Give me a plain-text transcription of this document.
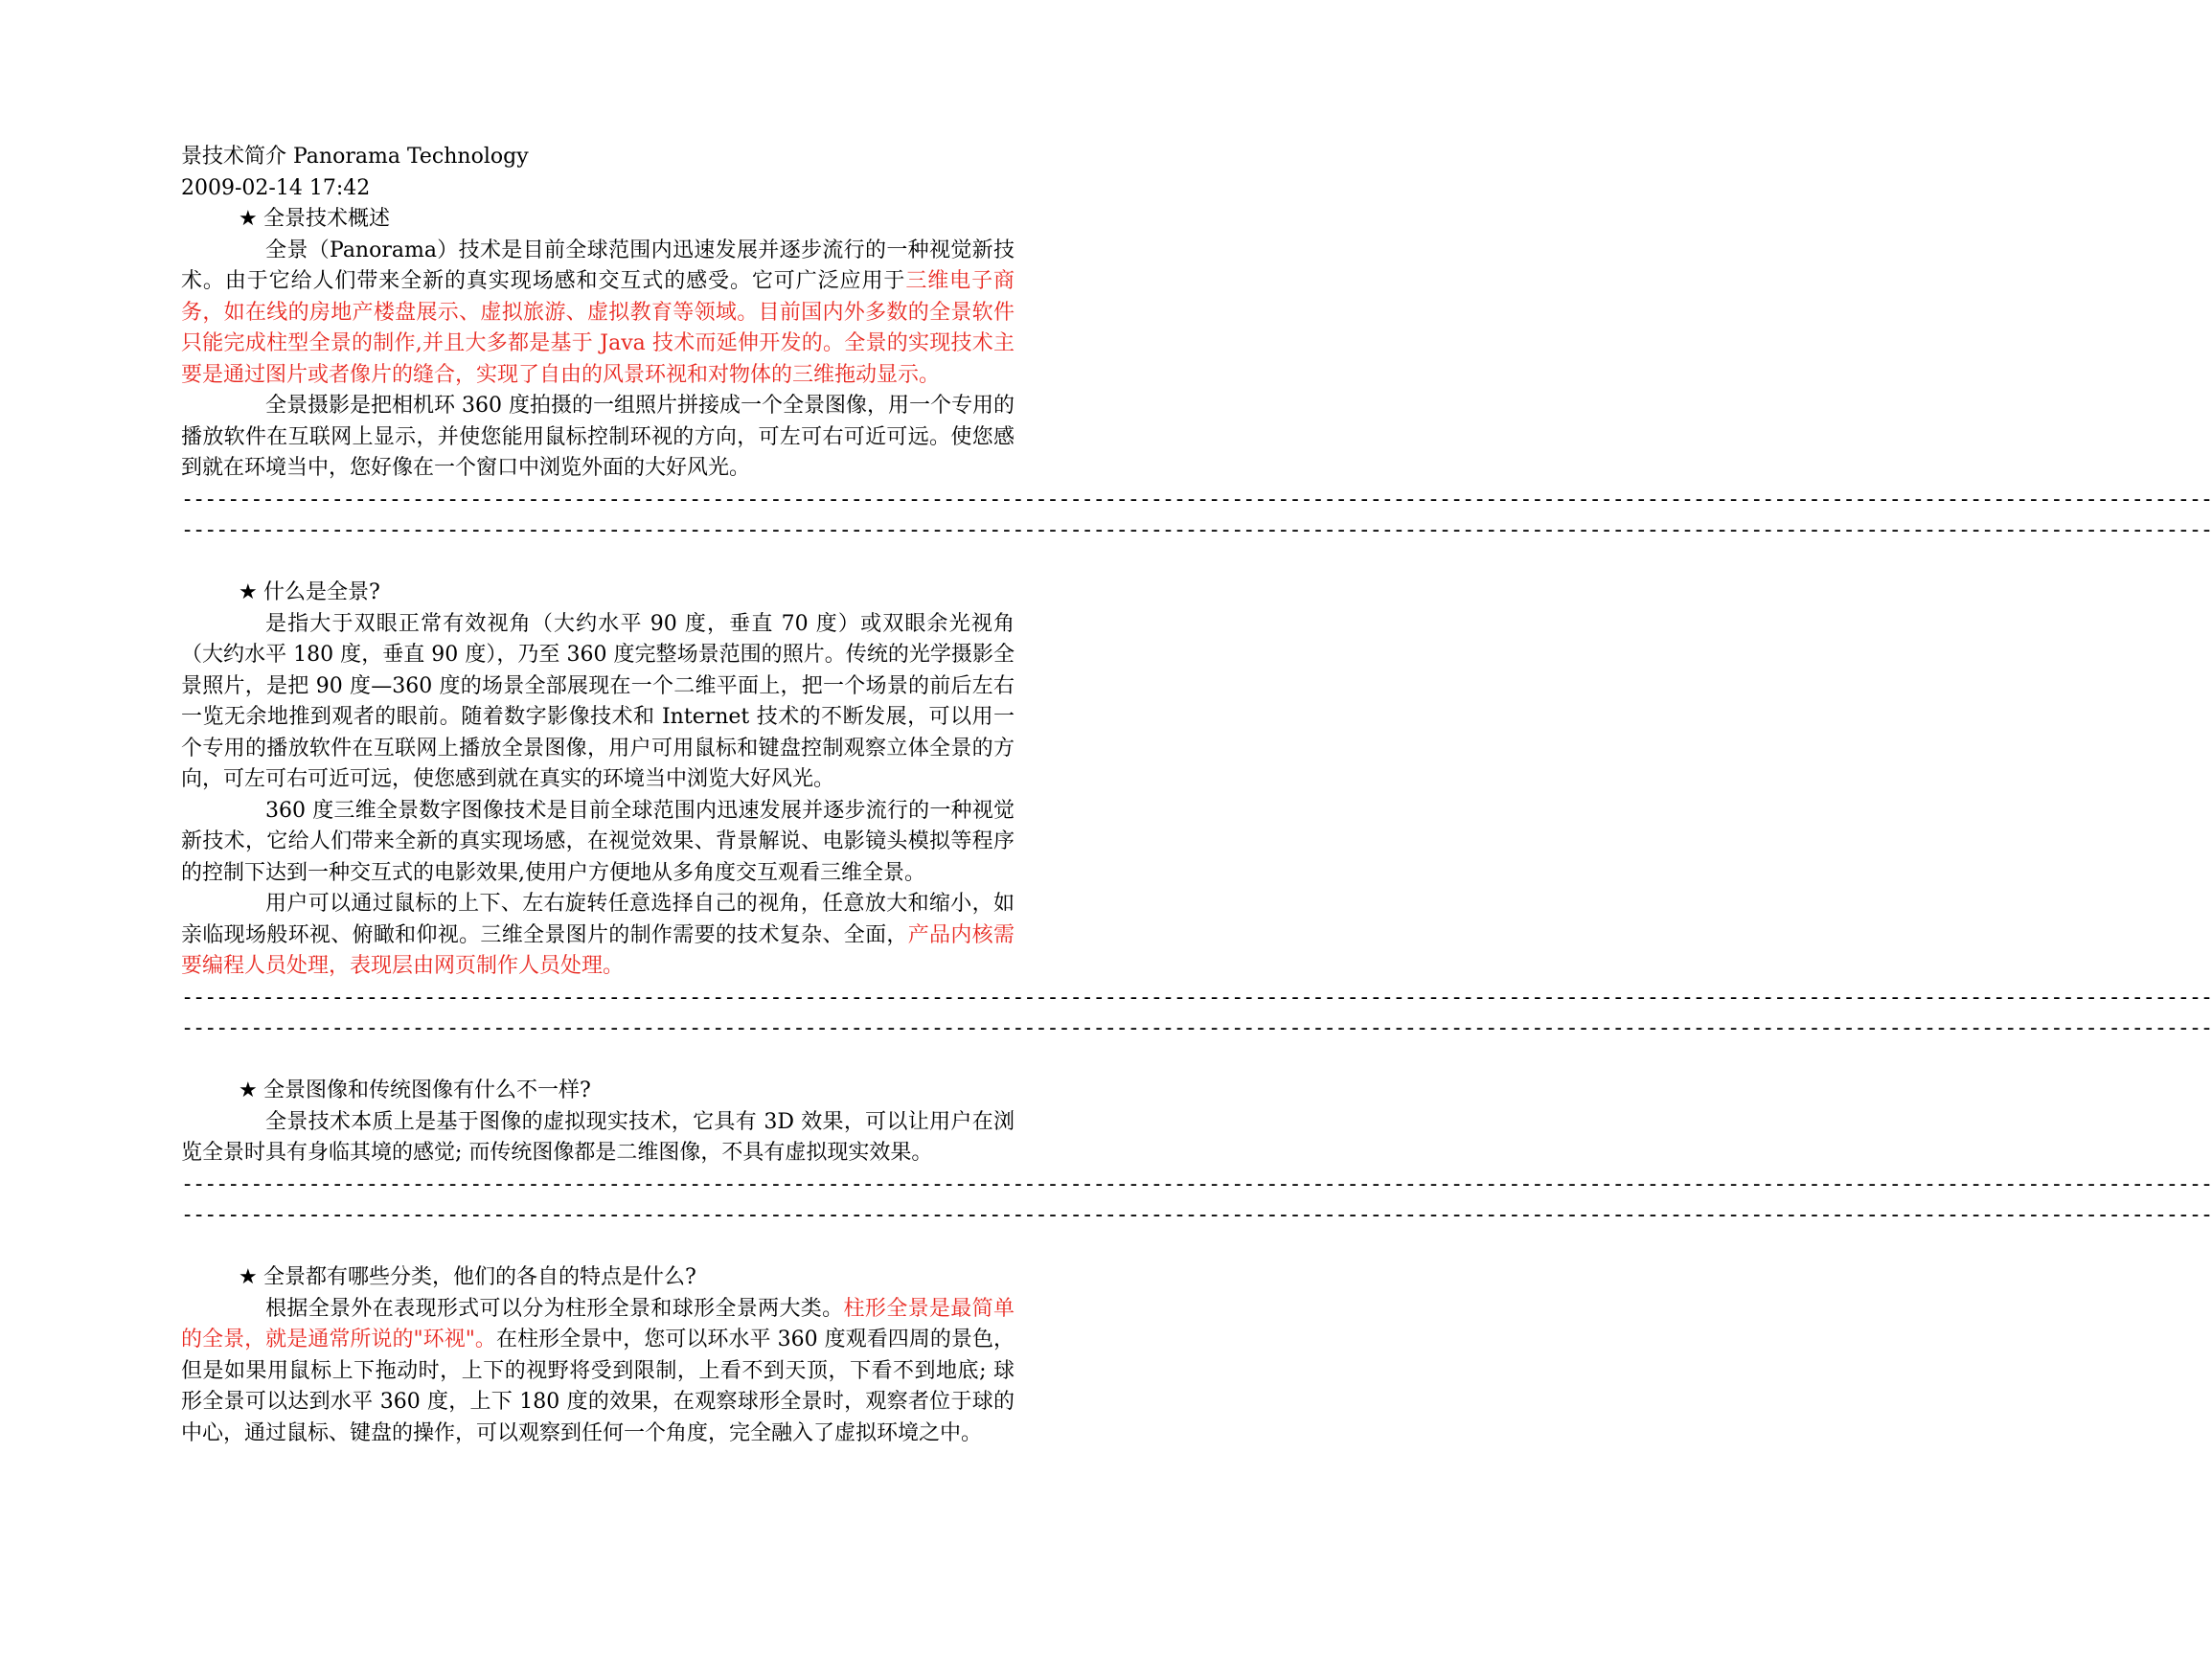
景技术简介 Panorama Technology

2009-02-14 17:42

★ 全景技术概述

全景（Panorama）技术是目前全球范围内迅速发展并逐步流行的一种视觉新技术。由于它给人们带来全新的真实现场感和交互式的感受。它可广泛应用于三维电子商务，如在线的房地产楼盘展示、虚拟旅游、虚拟教育等领域。目前国内外多数的全景软件只能完成柱型全景的制作,并且大多都是基于 Java 技术而延伸开发的。全景的实现技术主要是通过图片或者像片的缝合，实现了自由的风景环视和对物体的三维拖动显示。

全景摄影是把相机环 360 度拍摄的一组照片拼接成一个全景图像，用一个专用的播放软件在互联网上显示，并使您能用鼠标控制环视的方向，可左可右可近可远。使您感到就在环境当中，您好像在一个窗口中浏览外面的大好风光。

--------------------------------------------------------------------------------------------------------------------------------------------------------------------------------

--------------------------------------------------------------------------------------------------------------------------------------------------------------------------------

★ 什么是全景?

是指大于双眼正常有效视角（大约水平 90 度，垂直 70 度）或双眼余光视角（大约水平 180 度，垂直 90 度），乃至 360 度完整场景范围的照片。传统的光学摄影全景照片，是把 90 度—360 度的场景全部展现在一个二维平面上，把一个场景的前后左右一览无余地推到观者的眼前。随着数字影像技术和 Internet 技术的不断发展，可以用一个专用的播放软件在互联网上播放全景图像，用户可用鼠标和键盘控制观察立体全景的方向，可左可右可近可远，使您感到就在真实的环境当中浏览大好风光。

360 度三维全景数字图像技术是目前全球范围内迅速发展并逐步流行的一种视觉新技术，它给人们带来全新的真实现场感，在视觉效果、背景解说、电影镜头模拟等程序的控制下达到一种交互式的电影效果,使用户方便地从多角度交互观看三维全景。

用户可以通过鼠标的上下、左右旋转任意选择自己的视角，任意放大和缩小，如亲临现场般环视、俯瞰和仰视。三维全景图片的制作需要的技术复杂、全面，产品内核需要编程人员处理，表现层由网页制作人员处理。

--------------------------------------------------------------------------------------------------------------------------------------------------------------------------------

--------------------------------------------------------------------------------------------------------------------------------------------------------------------------------

★ 全景图像和传统图像有什么不一样?

全景技术本质上是基于图像的虚拟现实技术，它具有 3D 效果，可以让用户在浏览全景时具有身临其境的感觉; 而传统图像都是二维图像，不具有虚拟现实效果。

--------------------------------------------------------------------------------------------------------------------------------------------------------------------------------

--------------------------------------------------------------------------------------------------------------------------------------------------------------------------------

★ 全景都有哪些分类，他们的各自的特点是什么?

根据全景外在表现形式可以分为柱形全景和球形全景两大类。柱形全景是最简单的全景，就是通常所说的"环视"。在柱形全景中，您可以环水平 360 度观看四周的景色，但是如果用鼠标上下拖动时，上下的视野将受到限制，上看不到天顶，下看不到地底; 球形全景可以达到水平 360 度，上下 180 度的效果，在观察球形全景时，观察者位于球的中心，通过鼠标、键盘的操作，可以观察到任何一个角度，完全融入了虚拟环境之中。
